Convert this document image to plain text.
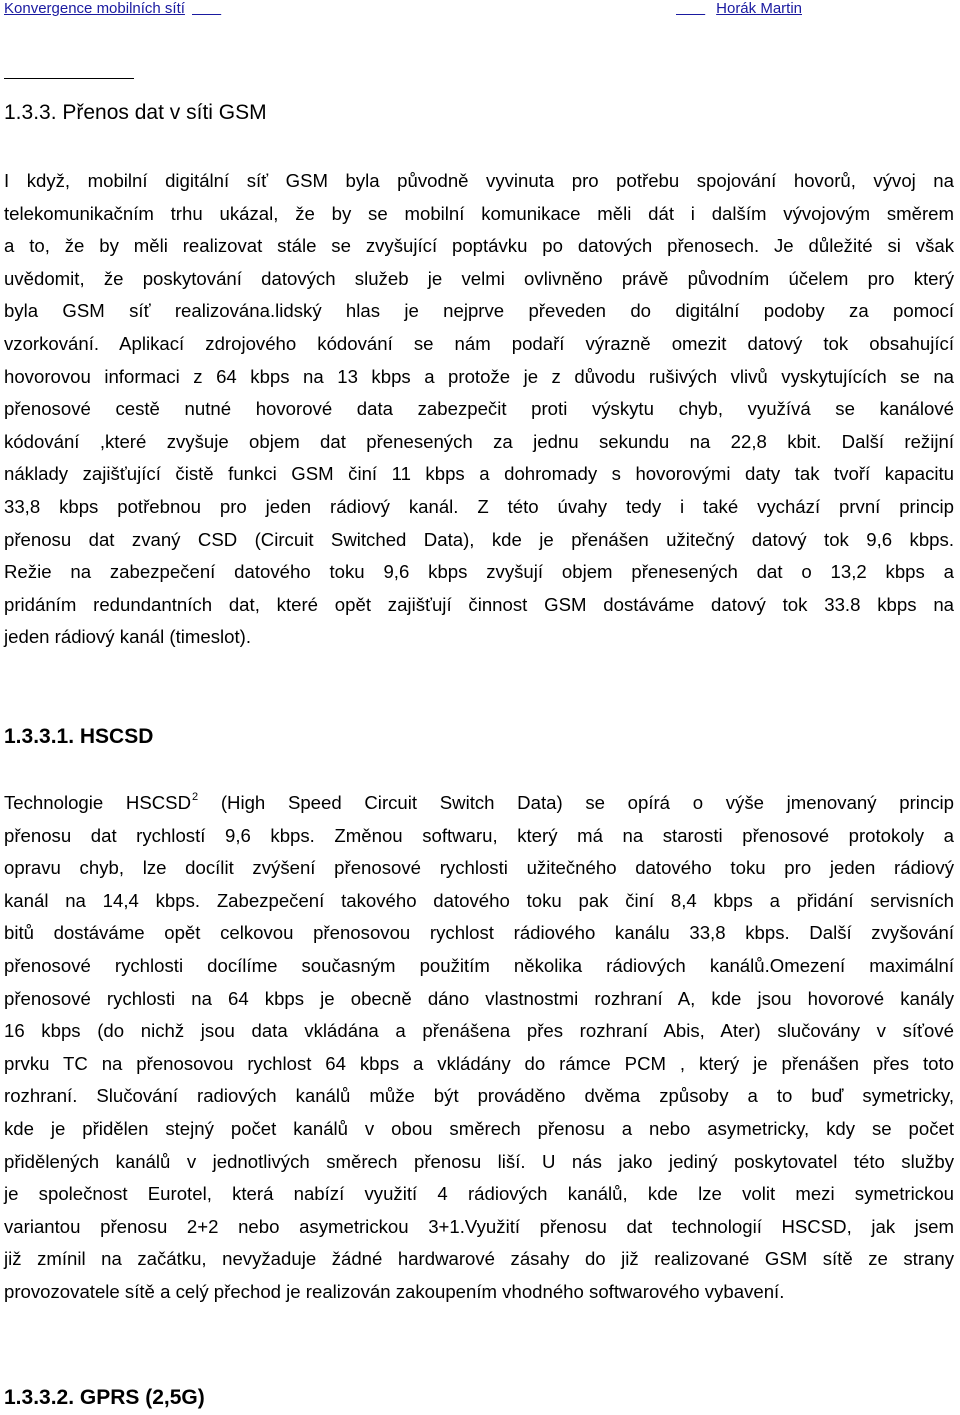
Konvergence mobilních sítí

	Horák Martin
1.3.3. Přenos dat v síti GSM
I když, mobilní digitální síť GSM byla původně vyvinuta pro potřebu spojování hovorů, vývoj na
telekomunikačním trhu ukázal, že by se mobilní komunikace měli dát i dalším vývojovým směrem
a to, že by měli realizovat stále se zvyšující poptávku po datových přenosech. Je důležité si však
uvědomit, že poskytování datových služeb je velmi ovlivněno právě původním účelem pro který
byla GSM síť realizována.lidský hlas je nejprve převeden do digitální podoby za pomocí
vzorkování. Aplikací zdrojového kódování se nám podaří výrazně omezit datový tok obsahující
hovorovou informaci z 64 kbps na 13 kbps a protože je z důvodu rušivých vlivů vyskytujících se na
přenosové cestě nutné hovorové data zabezpečit proti výskytu chyb, využívá se kanálové
kódování ,které zvyšuje objem dat přenesených za jednu sekundu na 22,8 kbit. Další režijní
náklady zajišťující čistě funkci GSM činí 11 kbps a dohromady s hovorovými daty tak tvoří kapacitu
33,8 kbps potřebnou pro jeden rádiový kanál. Z této úvahy tedy i také vychází první princip
přenosu dat zvaný CSD (Circuit Switched Data), kde je přenášen užitečný datový tok 9,6 kbps.
Režie na zabezpečení datového toku 9,6 kbps zvyšují objem přenesených dat o 13,2 kbps a
pridáním redundantních dat, které opět zajišťují činnost GSM dostáváme datový tok 33.8 kbps na
jeden rádiový kanál (timeslot).
1.3.3.1. HSCSD
Technologie HSCSD$^2$ (High Speed Circuit Switch Data) se opírá o výše jmenovaný princip
přenosu dat rychlostí 9,6 kbps. Změnou softwaru, který má na starosti přenosové protokoly a
opravu chyb, lze docílit zvýšení přenosové rychlosti užitečného datového toku pro jeden rádiový
kanál na 14,4 kbps. Zabezpečení takového datového toku pak činí 8,4 kbps a přidání servisních
bitů dostáváme opět celkovou přenosovou rychlost rádiového kanálu 33,8 kbps. Další zvyšování
přenosové rychlosti docílíme současným použitím několika rádiových kanálů.Omezení maximální
přenosové rychlosti na 64 kbps je obecně dáno vlastnostmi rozhraní A, kde jsou hovorové kanály
16 kbps (do nichž jsou data vkládána a přenášena přes rozhraní Abis, Ater) slučovány v síťové
prvku TC na přenosovou rychlost 64 kbps a vkládány do rámce PCM , který je přenášen přes toto
rozhraní. Slučování radiových kanálů může být prováděno dvěma způsoby a to buď symetricky,
kde je přidělen stejný počet kanálů v obou směrech přenosu a nebo asymetricky, kdy se počet
přidělených kanálů v jednotlivých směrech přenosu liší. U nás jako jediný poskytovatel této služby
je společnost Eurotel, která nabízí využití 4 rádiových kanálů, kde lze volit mezi symetrickou
variantou přenosu 2+2 nebo asymetrickou 3+1.Využití přenosu dat technologií HSCSD, jak jsem
již zmínil na začátku, nevyžaduje žádné hardwarové zásahy do již realizované GSM sítě ze strany
provozovatele sítě a celý přechod je realizován zakoupením vhodného softwarového vybavení.
1.3.3.2. GPRS (2,5G)
